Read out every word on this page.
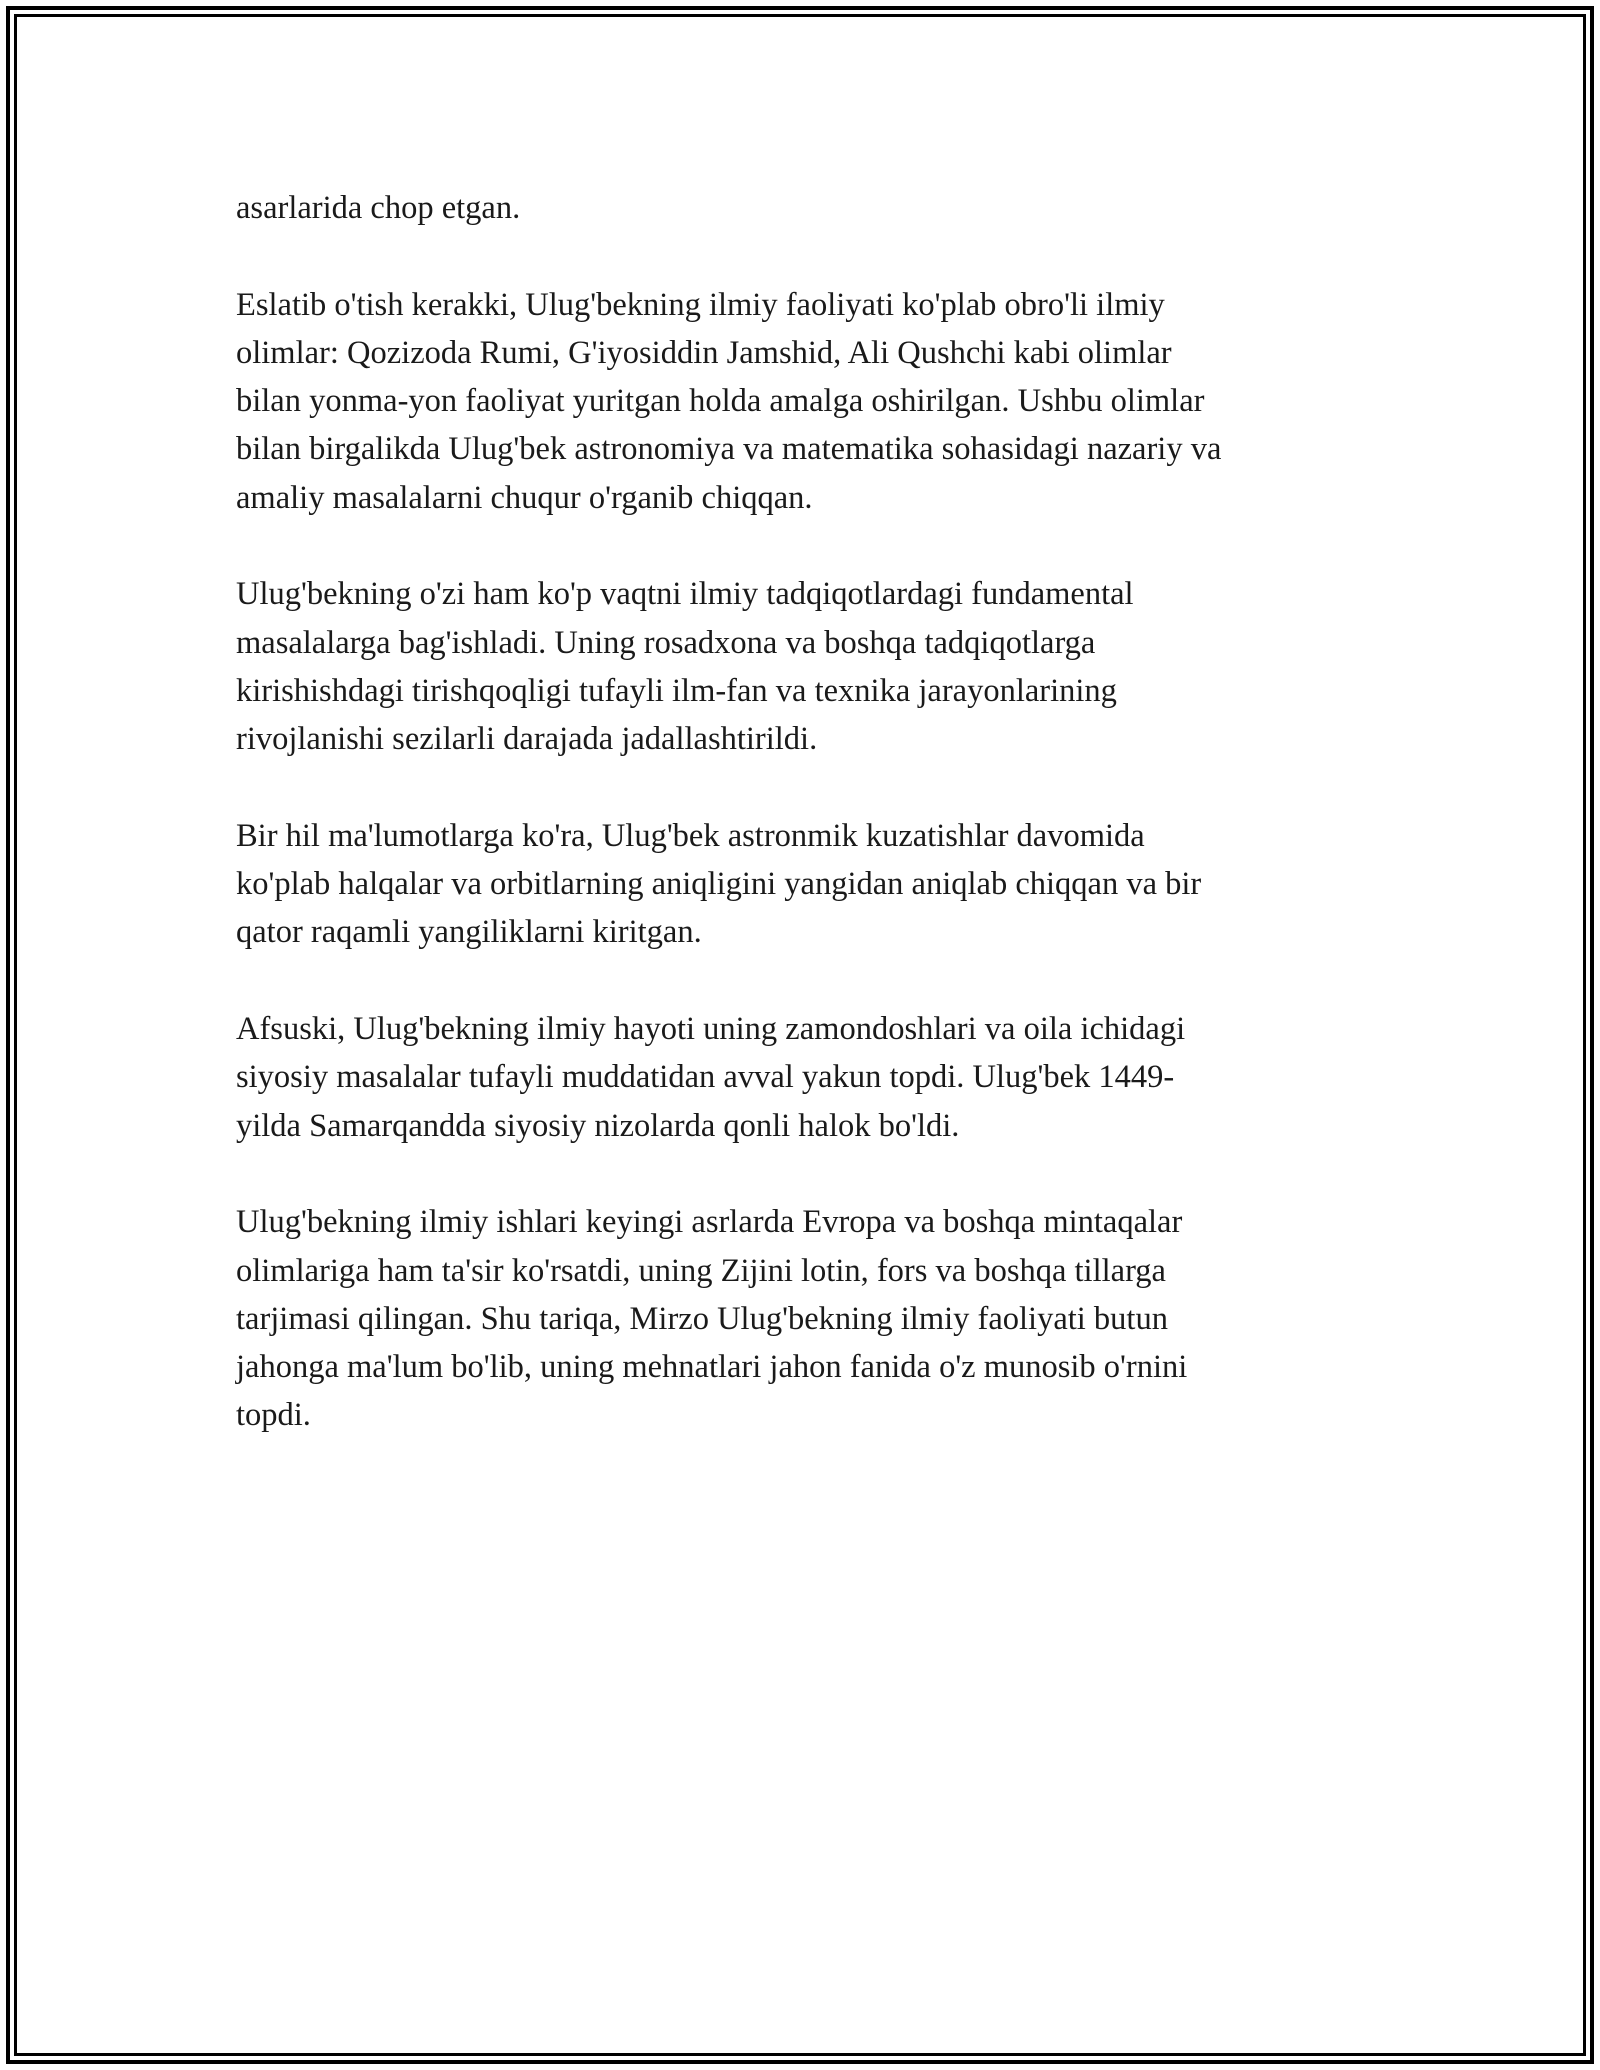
asarlarida chop etgan.

Eslatib o'tish kerakki, Ulug'bekning ilmiy faoliyati ko'plab obro'li ilmiy
olimlar: Qozizoda Rumi, G'iyosiddin Jamshid, Ali Qushchi kabi olimlar
bilan yonma-yon faoliyat yuritgan holda amalga oshirilgan. Ushbu olimlar
bilan birgalikda Ulug'bek astronomiya va matematika sohasidagi nazariy va
amaliy masalalarni chuqur o'rganib chiqqan.

Ulug'bekning o'zi ham ko'p vaqtni ilmiy tadqiqotlardagi fundamental
masalalarga bag'ishladi. Uning rosadxona va boshqa tadqiqotlarga
kirishishdagi tirishqoqligi tufayli ilm-fan va texnika jarayonlarining
rivojlanishi sezilarli darajada jadallashtirildi.

Bir hil ma'lumotlarga ko'ra, Ulug'bek astronmik kuzatishlar davomida
ko'plab halqalar va orbitlarning aniqligini yangidan aniqlab chiqqan va bir
qator raqamli yangiliklarni kiritgan.

Afsuski, Ulug'bekning ilmiy hayoti uning zamondoshlari va oila ichidagi
siyosiy masalalar tufayli muddatidan avval yakun topdi. Ulug'bek 1449-
yilda Samarqandda siyosiy nizolarda qonli halok bo'ldi.

Ulug'bekning ilmiy ishlari keyingi asrlarda Evropa va boshqa mintaqalar
olimlariga ham ta'sir ko'rsatdi, uning Zijini lotin, fors va boshqa tillarga
tarjimasi qilingan. Shu tariqa, Mirzo Ulug'bekning ilmiy faoliyati butun
jahonga ma'lum bo'lib, uning mehnatlari jahon fanida o'z munosib o'rnini
topdi.
